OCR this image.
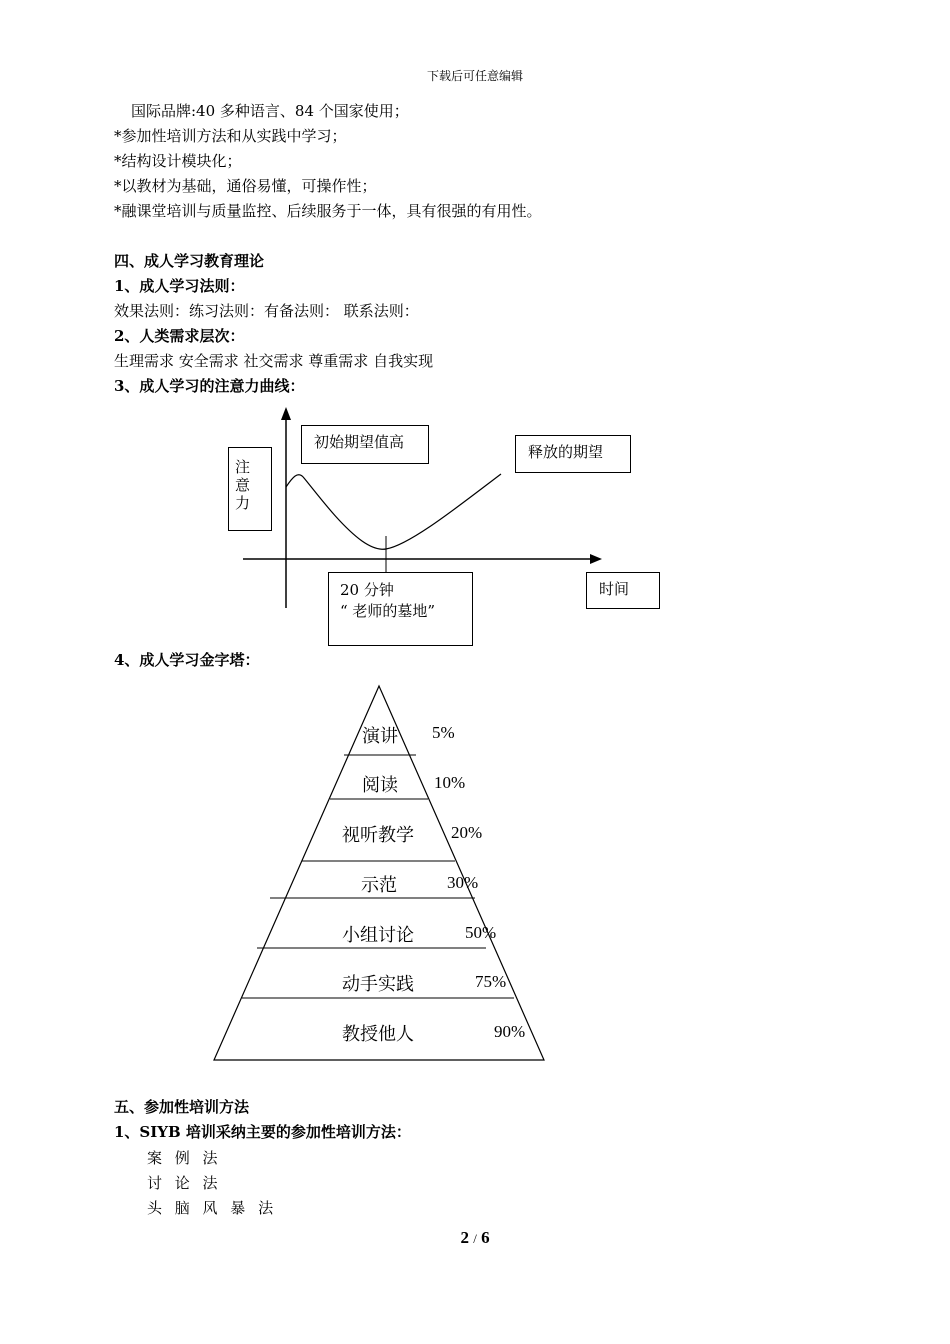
下载后可任意编辑
国际品牌:40 多种语言、84 个国家使用；
*参加性培训方法和从实践中学习；
*结构设计模块化；
*以教材为基础，通俗易懂，可操作性；
*融课堂培训与质量监控、后续服务于一体，具有很强的有用性。
四、成人学习教育理论
1、成人学习法则：
效果法则：练习法则：有备法则： 联系法则：
2、人类需求层次：
生理需求 安全需求 社交需求 尊重需求 自我实现
3、成人学习的注意力曲线：
注意力
初始期望值高
释放的期望
20 分钟
“ 老师的墓地”
时间
4、成人学习金字塔：
演讲 5%
阅读 10%
视听教学 20%
示范	30%
小组讨论	50%
动手实践	75%
教授他人	90%
五、参加性培训方法
1、SIYB 培训采纳主要的参加性培训方法：
案 例 法
讨 论 法
头 脑 风 暴 法
2 / 6
